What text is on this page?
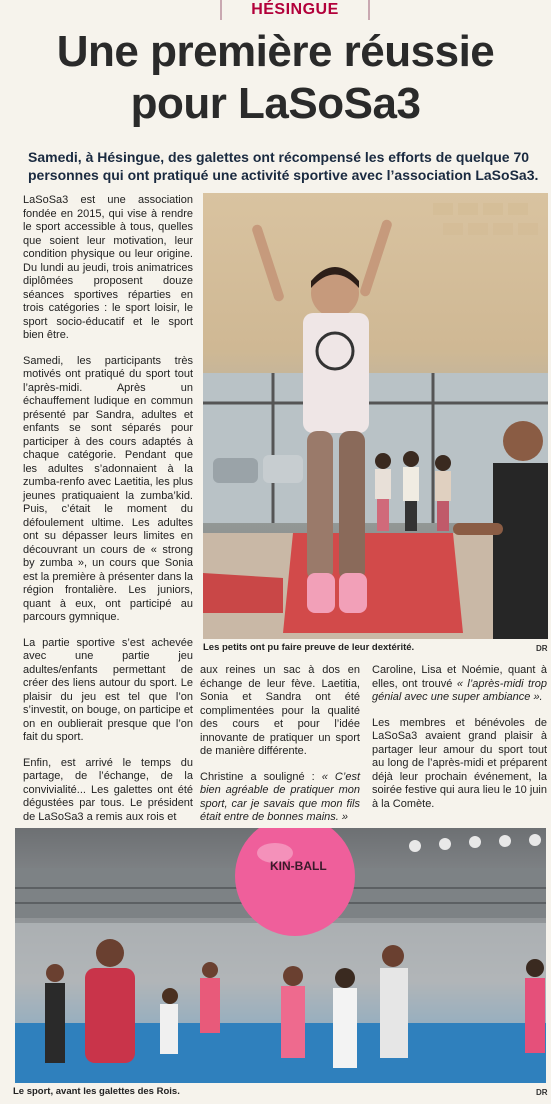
HÉSINGUE
Une première réussie
pour LaSoSa3
Samedi, à Hésingue, des galettes ont récompensé les efforts de quelque 70 personnes qui ont pratiqué une activité sportive avec l’association LaSoSa3.

LaSoSa3 est une association fondée en 2015, qui vise à rendre le sport accessible à tous, quelles que soient leur motivation, leur condition physique ou leur origine. Du lundi au jeudi, trois animatrices diplômées proposent douze séances sportives réparties en trois catégories : le sport loisir, le sport socio-éducatif et le sport bien être.

Samedi, les participants très motivés ont pratiqué du sport tout l’après-midi. Après un échauffement ludique en commun présenté par Sandra, adultes et enfants se sont séparés pour participer à des cours adaptés à chaque catégorie. Pendant que les adultes s’adonnaient à la zumba-renfo avec Laetitia, les plus jeunes pratiquaient la zumba’kid. Puis, c’était le moment du défoulement ultime. Les adultes ont su dépasser leurs limites en découvrant un cours de « strong by zumba », un cours que Sonia est la première à présenter dans la région frontalière. Les juniors, quant à eux, ont participé au parcours gymnique.

La partie sportive s’est achevée avec une partie jeu adultes/enfants permettant de créer des liens autour du sport. Le plaisir du jeu est tel que l’on s’investit, on bouge, on participe et on en oublierait presque que l’on fait du sport.

Enfin, est arrivé le temps du partage, de l’échange, de la convivialité... Les galettes ont été dégustées par tous. Le président de LaSoSa3 a remis aux rois et

Les petits ont pu faire preuve de leur dextérité.	DR

aux reines un sac à dos en échange de leur fève. Laetitia, Sonia et Sandra ont été complimentées pour la qualité des cours et pour l’idée innovante de pratiquer un sport de manière différente.

Christine a souligné : « C’est bien agréable de pratiquer mon sport, car je savais que mon fils était entre de bonnes mains. »

Caroline, Lisa et Noémie, quant à elles, ont trouvé « l’après-midi trop génial avec une super ambiance ».

Les membres et bénévoles de LaSoSa3 avaient grand plaisir à partager leur amour du sport tout au long de l’après-midi et préparent déjà leur prochain événement, la soirée festive qui aura lieu le 10 juin à la Comète.

KIN-BALL
Le sport, avant les galettes des Rois.	DR
